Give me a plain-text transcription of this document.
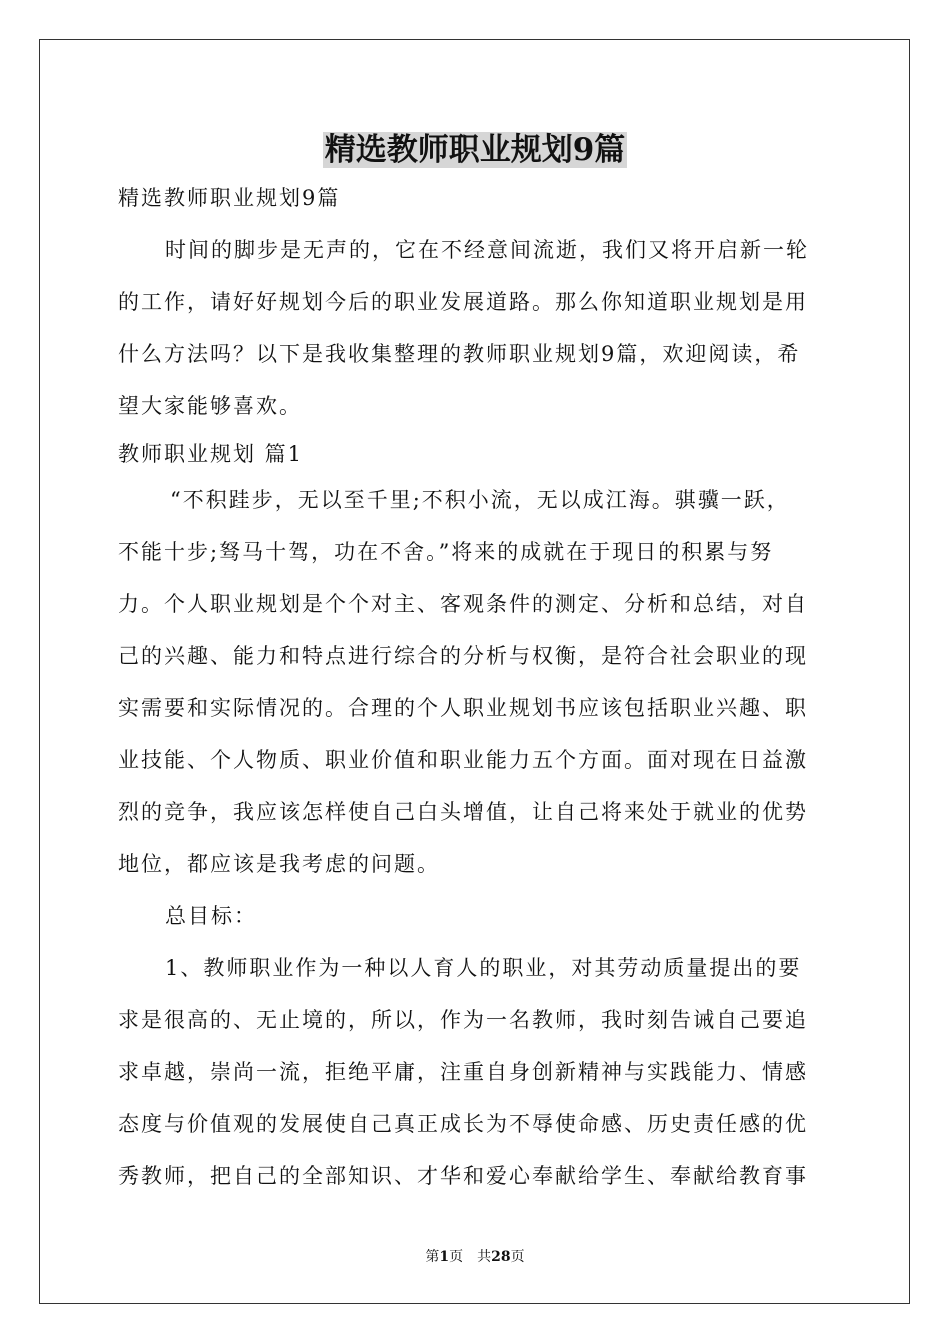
精选教师职业规划9篇
精选教师职业规划9篇
时间的脚步是无声的，它在不经意间流逝，我们又将开启新一轮
的工作，请好好规划今后的职业发展道路。那么你知道职业规划是用
什么方法吗？以下是我收集整理的教师职业规划9篇，欢迎阅读，希
望大家能够喜欢。
教师职业规划 篇1
“不积跬步，无以至千里;不积小流，无以成江海。骐骥一跃，
不能十步;驽马十驾，功在不舍。”将来的成就在于现日的积累与努
力。个人职业规划是个个对主、客观条件的测定、分析和总结，对自
己的兴趣、能力和特点进行综合的分析与权衡，是符合社会职业的现
实需要和实际情况的。合理的个人职业规划书应该包括职业兴趣、职
业技能、个人物质、职业价值和职业能力五个方面。面对现在日益激
烈的竞争，我应该怎样使自己白头增值，让自己将来处于就业的优势
地位，都应该是我考虑的问题。
总目标：
1、教师职业作为一种以人育人的职业，对其劳动质量提出的要
求是很高的、无止境的，所以，作为一名教师，我时刻告诫自己要追
求卓越，崇尚一流，拒绝平庸，注重自身创新精神与实践能力、情感
态度与价值观的发展使自己真正成长为不辱使命感、历史责任感的优
秀教师，把自己的全部知识、才华和爱心奉献给学生、奉献给教育事
第1页　共28页
